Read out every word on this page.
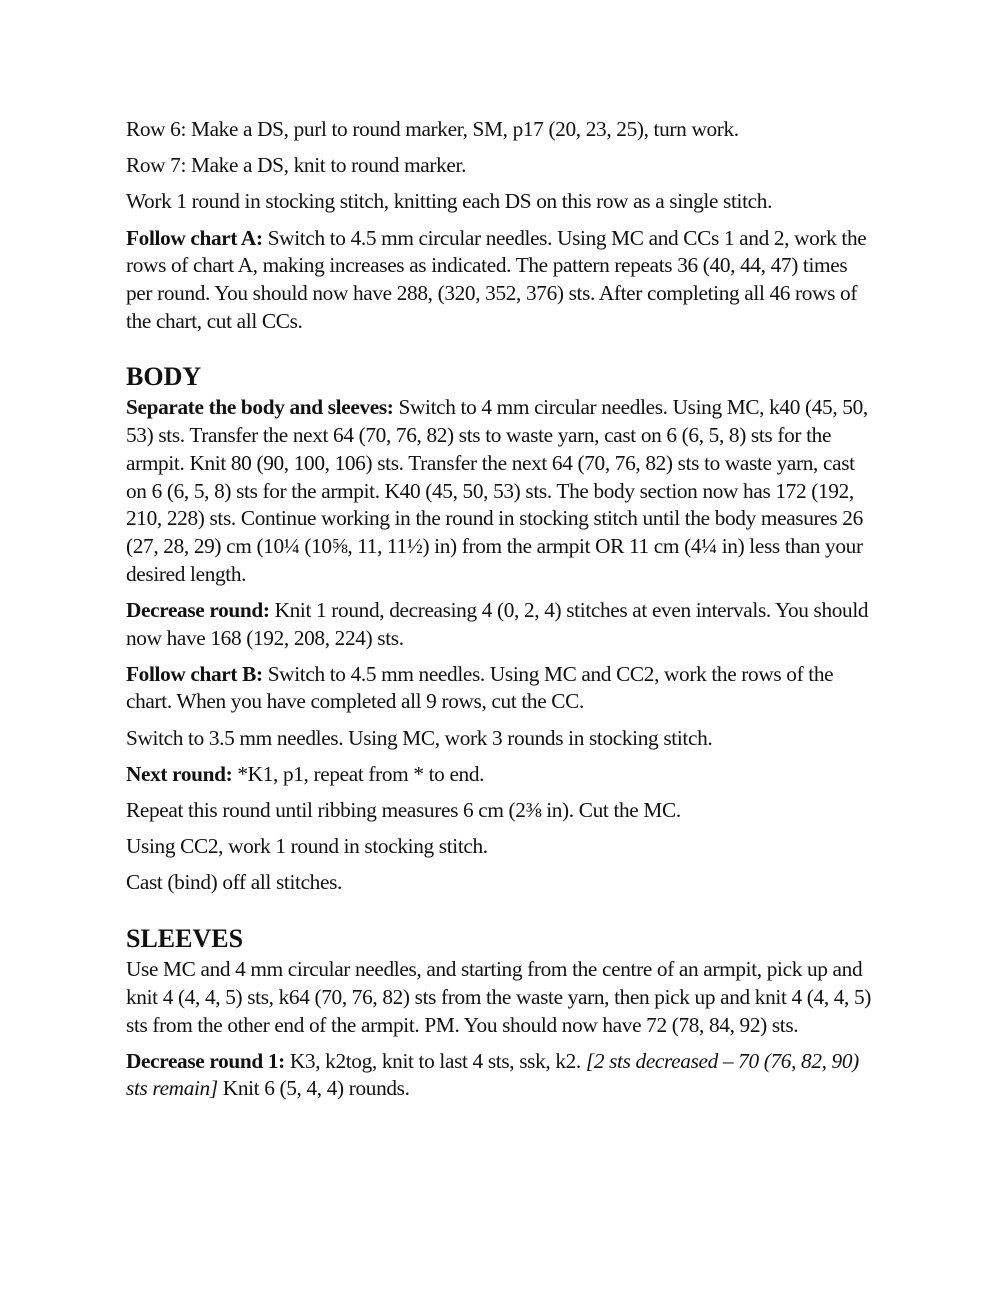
Row 6: Make a DS, purl to round marker, SM, p17 (20, 23, 25), turn work.

Row 7: Make a DS, knit to round marker.

Work 1 round in stocking stitch, knitting each DS on this row as a single stitch.

Follow chart A: Switch to 4.5 mm circular needles. Using MC and CCs 1 and 2, work the rows of chart A, making increases as indicated. The pattern repeats 36 (40, 44, 47) times per round. You should now have 288, (320, 352, 376) sts. After completing all 46 rows of the chart, cut all CCs.

BODY

Separate the body and sleeves: Switch to 4 mm circular needles. Using MC, k40 (45, 50, 53) sts. Transfer the next 64 (70, 76, 82) sts to waste yarn, cast on 6 (6, 5, 8) sts for the armpit. Knit 80 (90, 100, 106) sts. Transfer the next 64 (70, 76, 82) sts to waste yarn, cast on 6 (6, 5, 8) sts for the armpit. K40 (45, 50, 53) sts. The body section now has 172 (192, 210, 228) sts. Continue working in the round in stocking stitch until the body measures 26 (27, 28, 29) cm (10¼ (10⅝, 11, 11½) in) from the armpit OR 11 cm (4¼ in) less than your desired length.

Decrease round: Knit 1 round, decreasing 4 (0, 2, 4) stitches at even intervals. You should now have 168 (192, 208, 224) sts.

Follow chart B: Switch to 4.5 mm needles. Using MC and CC2, work the rows of the chart. When you have completed all 9 rows, cut the CC.

Switch to 3.5 mm needles. Using MC, work 3 rounds in stocking stitch.

Next round: *K1, p1, repeat from * to end.

Repeat this round until ribbing measures 6 cm (2⅜ in). Cut the MC.

Using CC2, work 1 round in stocking stitch.

Cast (bind) off all stitches.

SLEEVES

Use MC and 4 mm circular needles, and starting from the centre of an armpit, pick up and knit 4 (4, 4, 5) sts, k64 (70, 76, 82) sts from the waste yarn, then pick up and knit 4 (4, 4, 5) sts from the other end of the armpit. PM. You should now have 72 (78, 84, 92) sts.

Decrease round 1: K3, k2tog, knit to last 4 sts, ssk, k2. [2 sts decreased – 70 (76, 82, 90) sts remain] Knit 6 (5, 4, 4) rounds.
